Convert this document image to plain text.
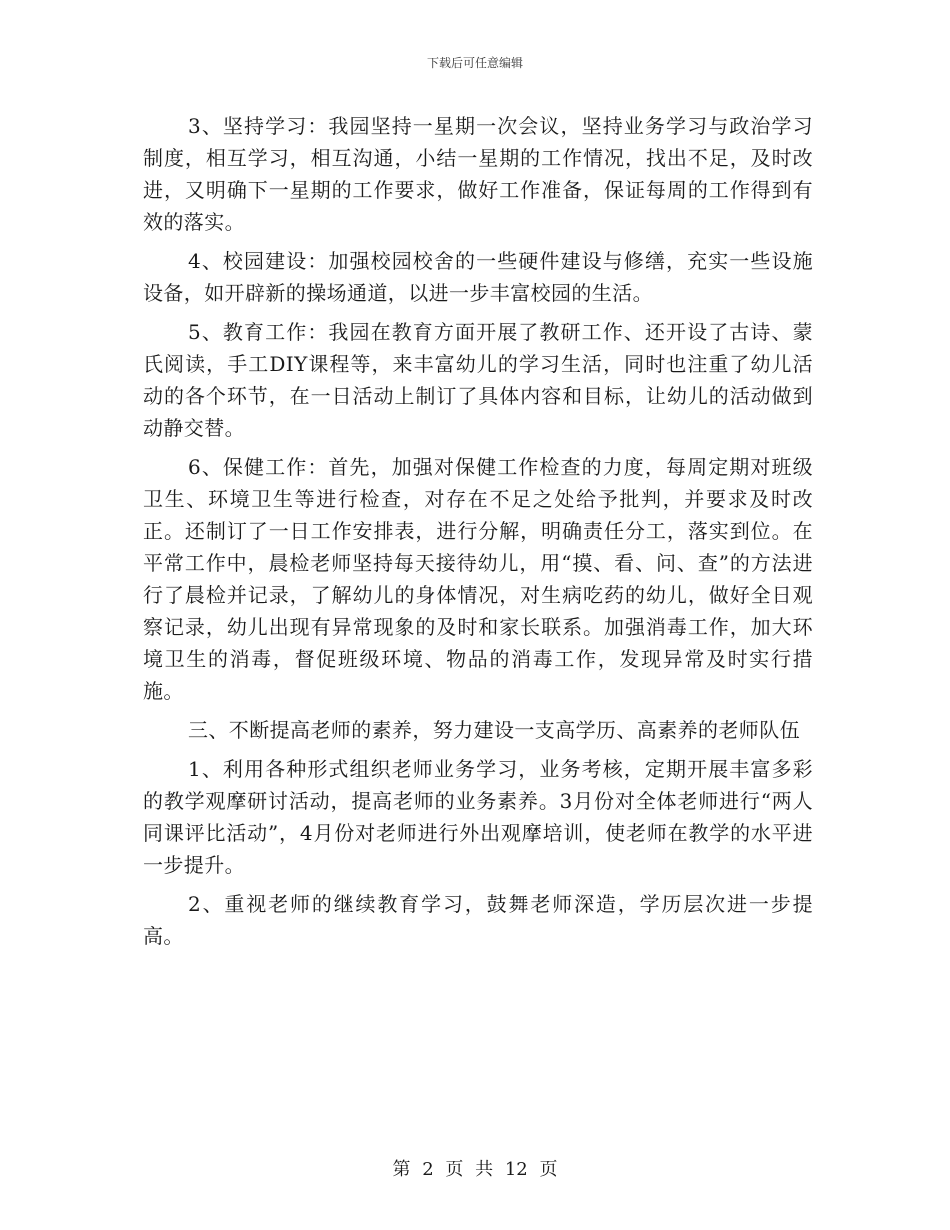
下载后可任意编辑

3、坚持学习：我园坚持一星期一次会议，坚持业务学习与政治学习制度，相互学习，相互沟通，小结一星期的工作情况，找出不足，及时改进，又明确下一星期的工作要求，做好工作准备，保证每周的工作得到有效的落实。

4、校园建设：加强校园校舍的一些硬件建设与修缮，充实一些设施设备，如开辟新的操场通道，以进一步丰富校园的生活。

5、教育工作：我园在教育方面开展了教研工作、还开设了古诗、蒙氏阅读，手工DIY课程等，来丰富幼儿的学习生活，同时也注重了幼儿活动的各个环节，在一日活动上制订了具体内容和目标，让幼儿的活动做到动静交替。

6、保健工作：首先，加强对保健工作检查的力度，每周定期对班级卫生、环境卫生等进行检查，对存在不足之处给予批判，并要求及时改正。还制订了一日工作安排表，进行分解，明确责任分工，落实到位。在平常工作中，晨检老师坚持每天接待幼儿，用“摸、看、问、查”的方法进行了晨检并记录，了解幼儿的身体情况，对生病吃药的幼儿，做好全日观察记录，幼儿出现有异常现象的及时和家长联系。加强消毒工作，加大环境卫生的消毒，督促班级环境、物品的消毒工作，发现异常及时实行措施。

三、不断提高老师的素养，努力建设一支高学历、高素养的老师队伍

1、利用各种形式组织老师业务学习，业务考核，定期开展丰富多彩的教学观摩研讨活动，提高老师的业务素养。3月份对全体老师进行“两人同课评比活动”，4月份对老师进行外出观摩培训，使老师在教学的水平进一步提升。

2、重视老师的继续教育学习，鼓舞老师深造，学历层次进一步提高。

第 2 页 共 12 页
